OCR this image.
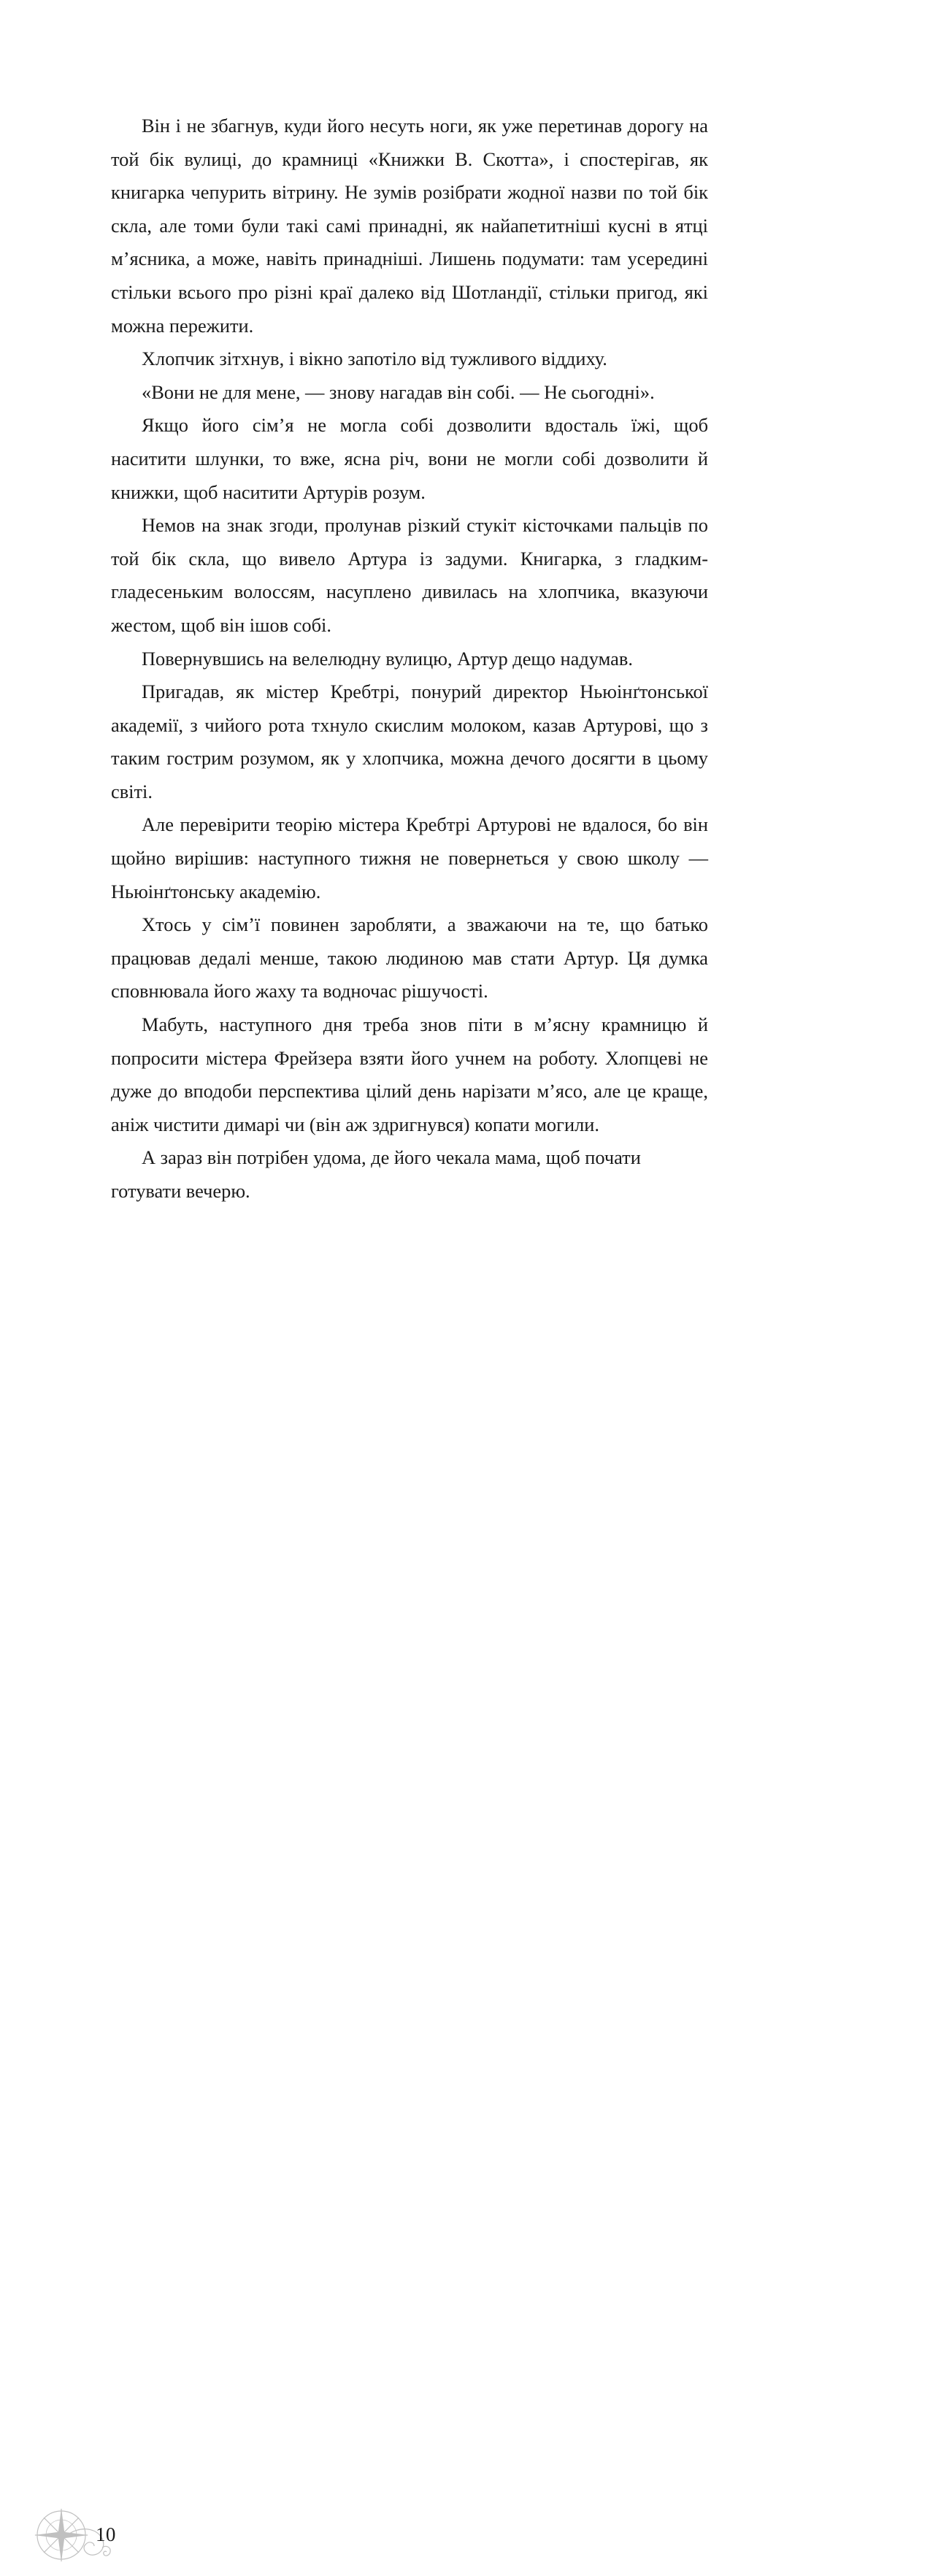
Він і не збагнув, куди його несуть ноги, як уже перетинав дорогу на той бік вулиці, до крамниці «Книжки В. Скотта», і спостерігав, як книгарка чепурить вітрину. Не зумів розібрати жодної назви по той бік скла, але томи були такі самі принадні, як найапетитніші кусні в ятці м’ясника, а може, навіть принадніші. Лишень подумати: там усередині стільки всього про різні краї далеко від Шотландії, стільки пригод, які можна пережити.

Хлопчик зітхнув, і вікно запотіло від тужливого віддиху.

«Вони не для мене, — знову нагадав він собі. — Не сьогодні».

Якщо його сім’я не могла собі дозволити вдосталь їжі, щоб наситити шлунки, то вже, ясна річ, вони не могли собі дозволити й книжки, щоб наситити Артурів розум.

Немов на знак згоди, пролунав різкий стукіт кісточками пальців по той бік скла, що вивело Артура із задуми. Книгарка, з гладким-гладесеньким волоссям, насуплено дивилась на хлопчика, вказуючи жестом, щоб він ішов собі.

Повернувшись на велелюдну вулицю, Артур дещо надумав.

Пригадав, як містер Кребтрі, понурий директор Ньюінґтонської академії, з чийого рота тхнуло скислим молоком, казав Артурові, що з таким гострим розумом, як у хлопчика, можна дечого досягти в цьому світі.

Але перевірити теорію містера Кребтрі Артурові не вдалося, бо він щойно вирішив: наступного тижня не повернеться у свою школу — Ньюінґтонську академію.

Хтось у сім’ї повинен заробляти, а зважаючи на те, що батько працював дедалі менше, такою людиною мав стати Артур. Ця думка сповнювала його жаху та водночас рішучості.

Мабуть, наступного дня треба знов піти в м’ясну крамницю й попросити містера Фрейзера взяти його учнем на роботу. Хлопцеві не дуже до вподоби перспектива цілий день нарізати м’ясо, але це краще, аніж чистити димарі чи (він аж здригнувся) копати могили.

А зараз він потрібен удома, де його чекала мама, щоб почати готувати вечерю.

10
